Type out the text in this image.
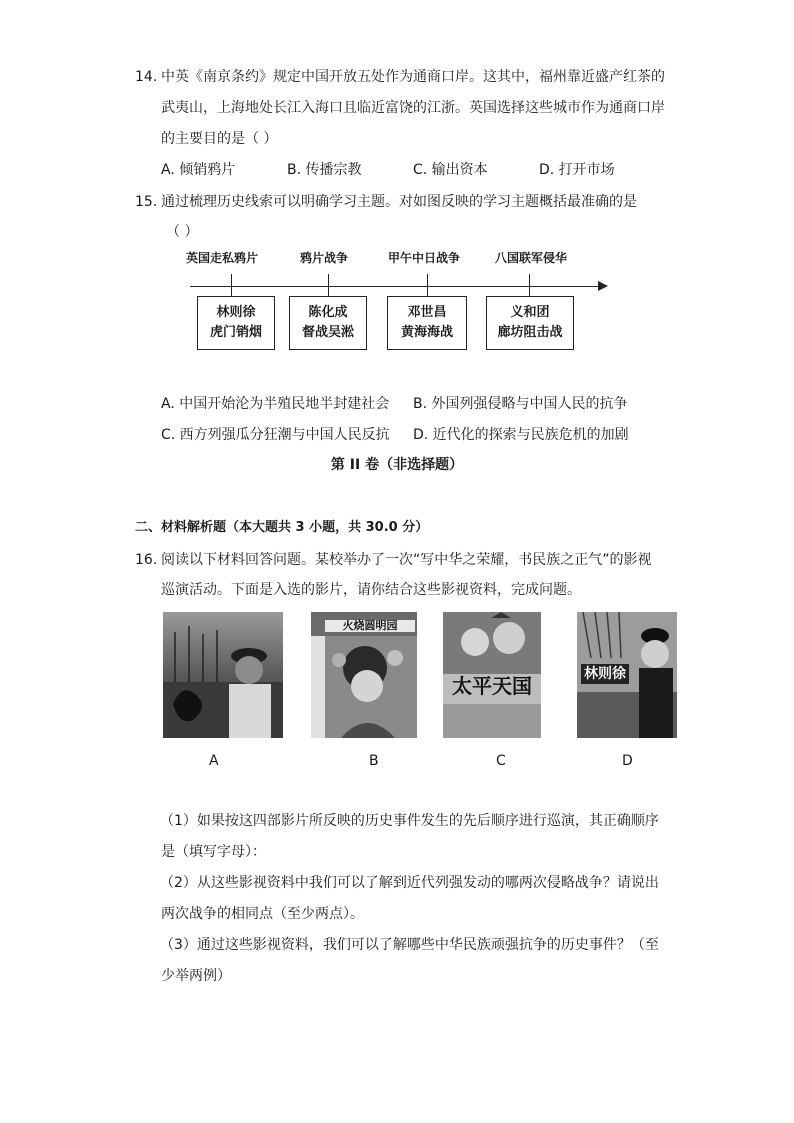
14. 中英《南京条约》规定中国开放五处作为通商口岸。这其中，福州靠近盛产红茶的
武夷山，上海地处长江入海口且临近富饶的江浙。英国选择这些城市作为通商口岸
的主要目的是（ ）
A. 倾销鸦片	B. 传播宗教	C. 输出资本	D. 打开市场
15. 通过梳理历史线索可以明确学习主题。对如图反映的学习主题概括最准确的是
（ ）
英国走私鸦片	鸦片战争	甲午中日战争	八国联军侵华
林则徐
虎门销烟
陈化成
督战吴淞
邓世昌
黄海海战
义和团
廊坊阻击战
A. 中国开始沦为半殖民地半封建社会 B. 外国列强侵略与中国人民的抗争
C. 西方列强瓜分狂潮与中国人民反抗 D. 近代化的探索与民族危机的加剧
第 II 卷（非选择题）
二、材料解析题（本大题共 3 小题，共 30.0 分）
16. 阅读以下材料回答问题。某校举办了一次“写中华之荣耀，书民族之正气”的影视
巡演活动。下面是入选的影片，请你结合这些影视资料，完成问题。
火烧圆明园
太平天国	林则徐
A	B	C	D
（1）如果按这四部影片所反映的历史事件发生的先后顺序进行巡演，其正确顺序
是（填写字母）：
（2）从这些影视资料中我们可以了解到近代列强发动的哪两次侵略战争？请说出
两次战争的相同点（至少两点）。
（3）通过这些影视资料，我们可以了解哪些中华民族顽强抗争的历史事件？（至
少举两例）
